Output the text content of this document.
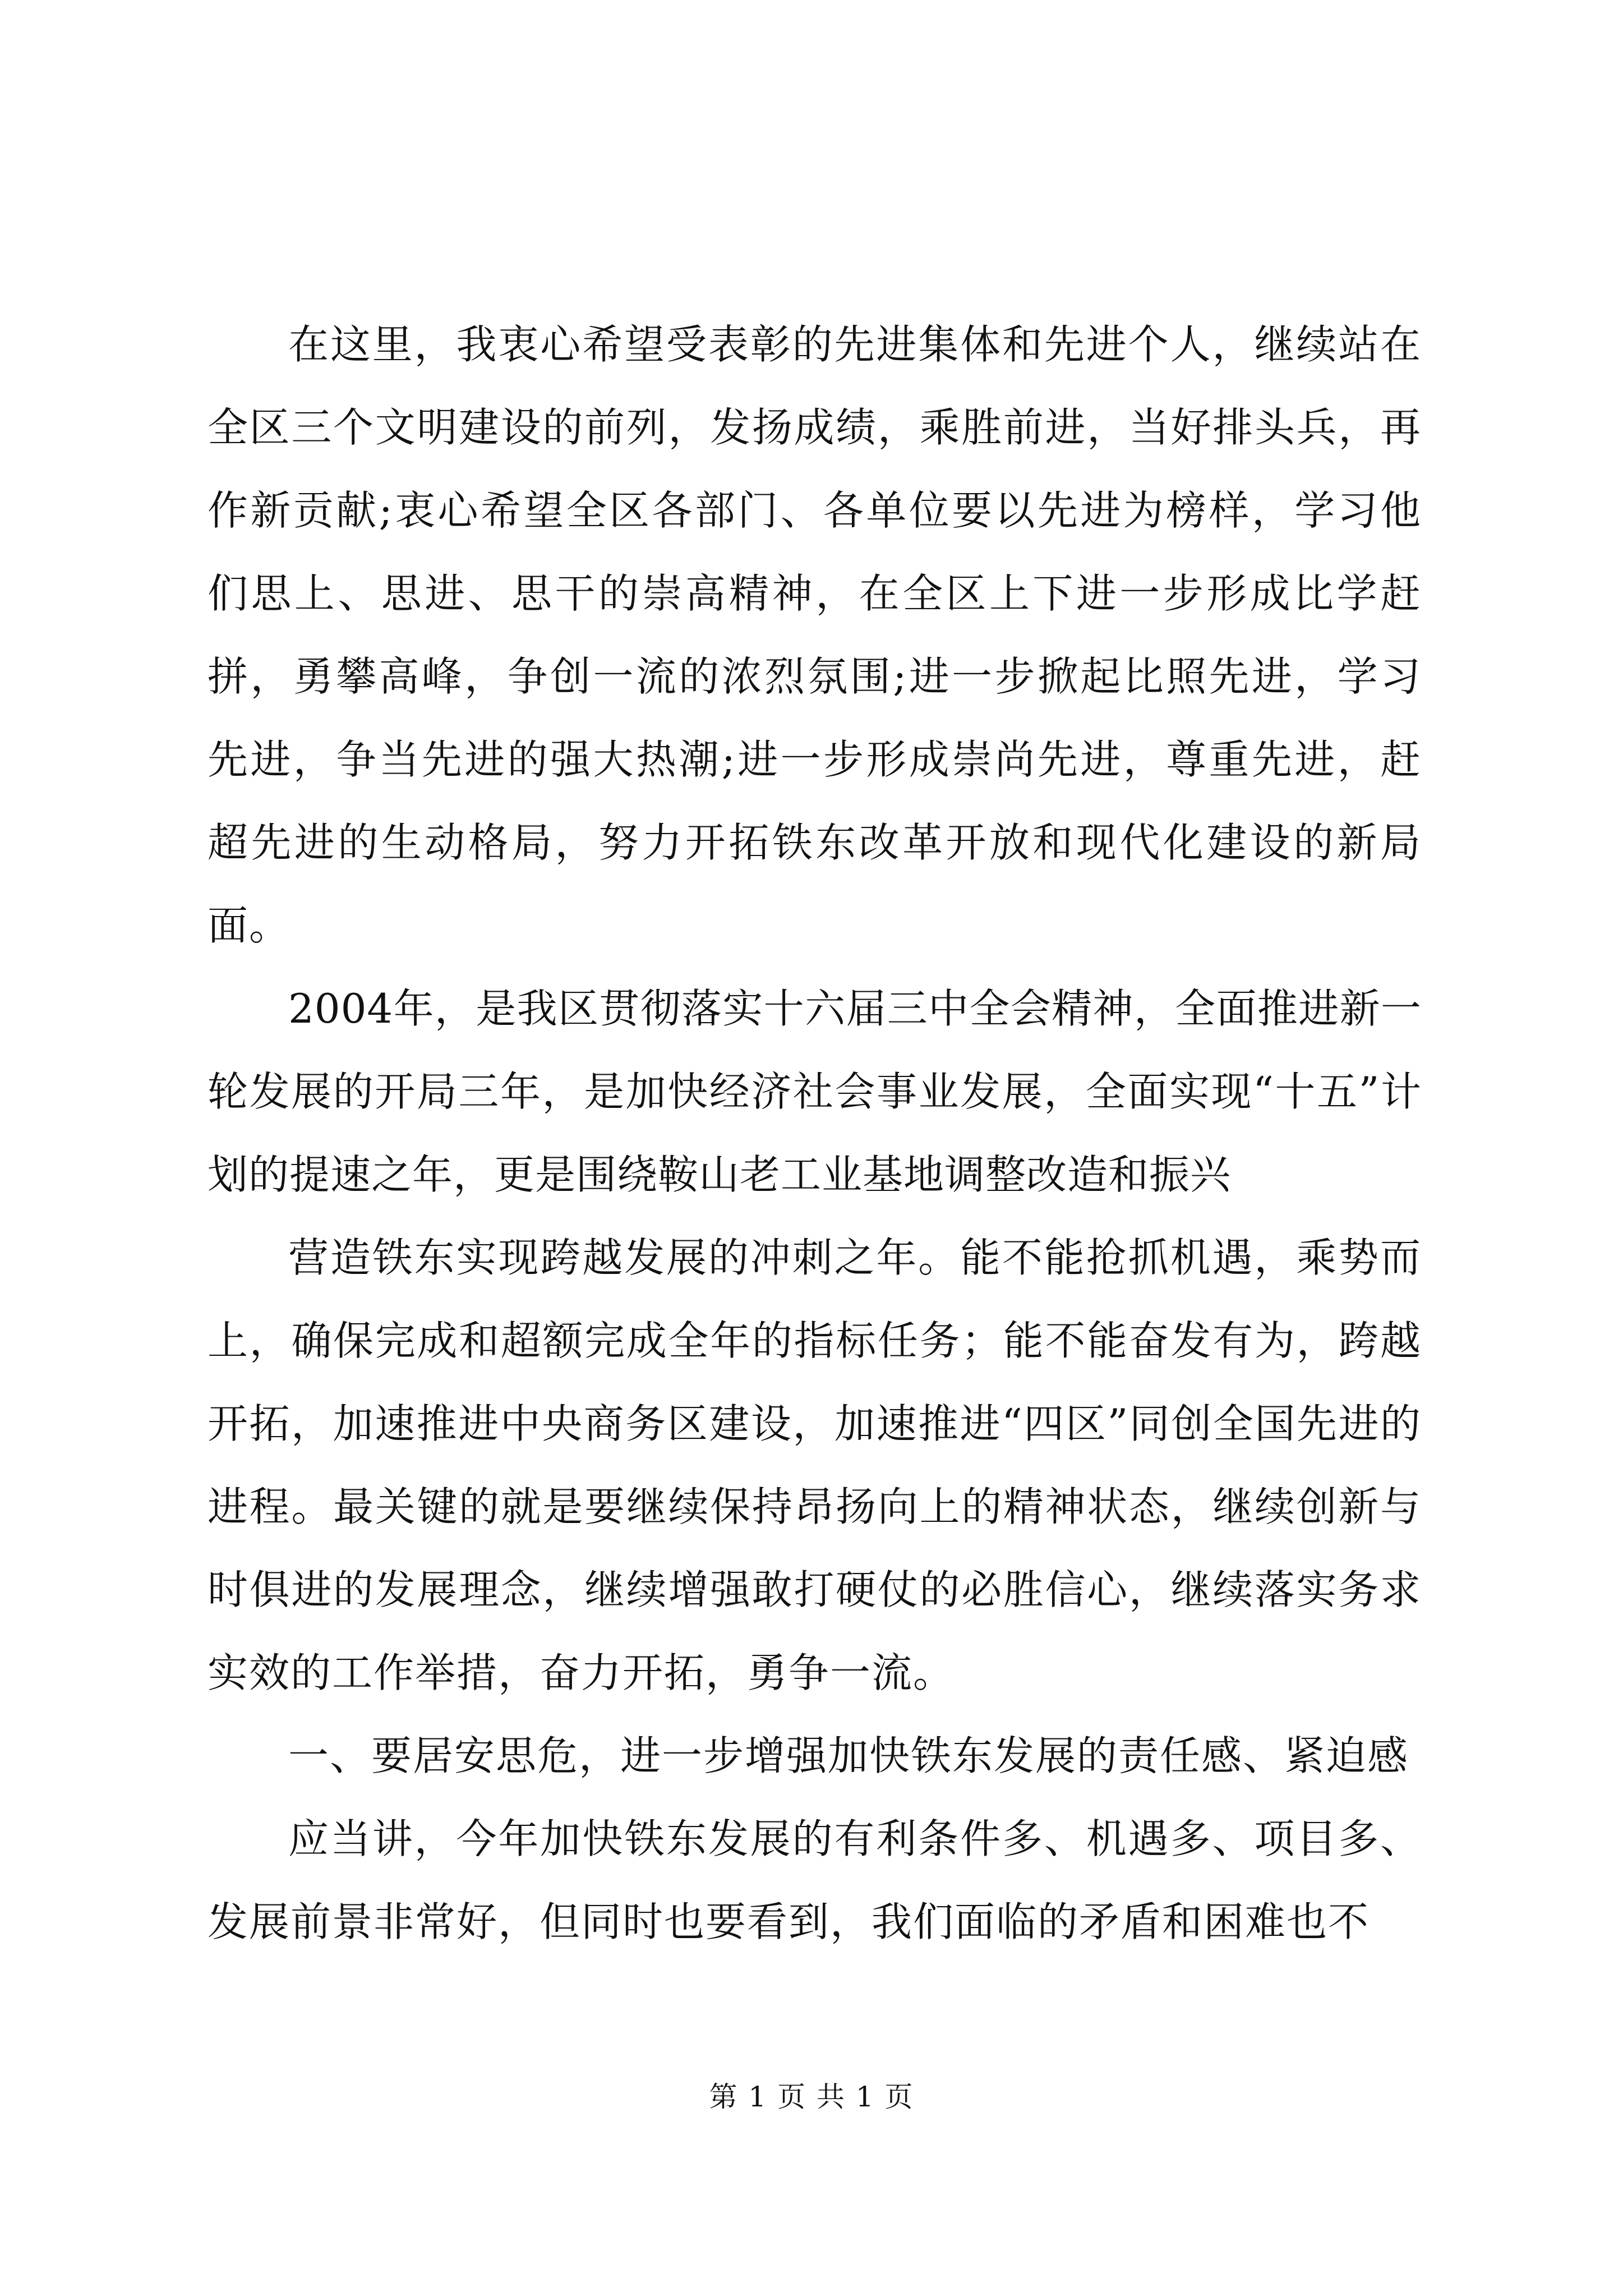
在这里，我衷心希望受表彰的先进集体和先进个人，继续站在全区三个文明建设的前列，发扬成绩，乘胜前进，当好排头兵，再作新贡献;衷心希望全区各部门、各单位要以先进为榜样，学习他们思上、思进、思干的崇高精神，在全区上下进一步形成比学赶拼，勇攀高峰，争创一流的浓烈氛围;进一步掀起比照先进，学习先进，争当先进的强大热潮;进一步形成崇尚先进，尊重先进，赶超先进的生动格局，努力开拓铁东改革开放和现代化建设的新局面。

2004年，是我区贯彻落实十六届三中全会精神，全面推进新一轮发展的开局三年，是加快经济社会事业发展，全面实现“十五”计划的提速之年，更是围绕鞍山老工业基地调整改造和振兴

营造铁东实现跨越发展的冲刺之年。能不能抢抓机遇，乘势而上，确保完成和超额完成全年的指标任务；能不能奋发有为，跨越开拓，加速推进中央商务区建设，加速推进“四区”同创全国先进的进程。最关键的就是要继续保持昂扬向上的精神状态，继续创新与时俱进的发展理念，继续增强敢打硬仗的必胜信心，继续落实务求实效的工作举措，奋力开拓，勇争一流。

一、要居安思危，进一步增强加快铁东发展的责任感、紧迫感

应当讲，今年加快铁东发展的有利条件多、机遇多、项目多、发展前景非常好，但同时也要看到，我们面临的矛盾和困难也不

第 1 页 共 1 页
